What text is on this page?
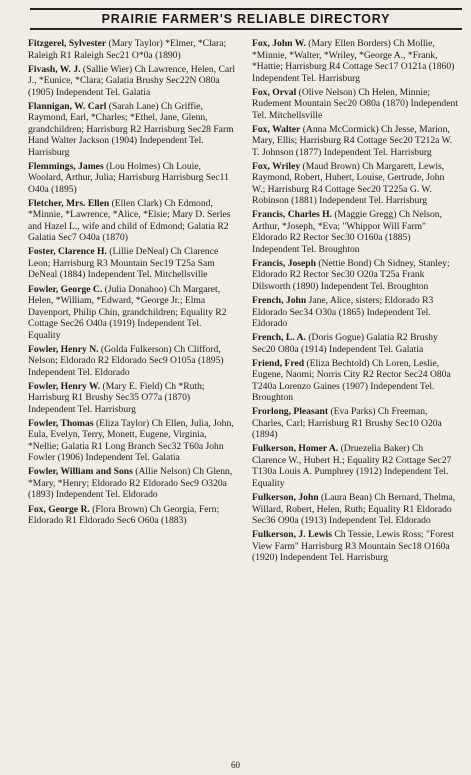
PRAIRIE FARMER'S RELIABLE DIRECTORY

Fitzgerel, Sylvester (Mary Taylor) *Elmer, *Clara; Raleigh R1 Raleigh Sec21 O*0a (1890)

Fivash, W. J. (Sallie Wier) Ch Lawrence, Helen, Carl J., *Eunice, *Clara; Galatia Brushy Sec22N O80a (1905) Independent Tel. Galatia

Flannigan, W. Carl (Sarah Lane) Ch Griffie, Raymond, Earl, *Charles; *Ethel, Jane, Glenn, grandchildren; Harrisburg R2 Harrisburg Sec28 Farm Hand Walter Jackson (1904) Independent Tel. Harrisburg

Flemmings, James (Lou Holmes) Ch Louie, Woolard, Arthur, Julia; Harrisburg Harrisburg Sec11 O40a (1895)

Fletcher, Mrs. Ellen (Ellen Clark) Ch Edmond, *Minnie, *Lawrence, *Alice, *Elsie; Mary D. Serles and Hazel L., wife and child of Edmond; Galatia R2 Galatia Sec7 O40a (1870)

Foster, Clarence H. (Lillie DeNeal) Ch Clarence Leon; Harrisburg R3 Mountain Sec19 T25a Sam DeNeal (1884) Independent Tel. Mitchellsville

Fowler, George C. (Julia Donahoo) Ch Margaret, Helen, *William, *Edward, *George Jr.; Elma Davenport, Philip Chin, grandchildren; Equality R2 Cottage Sec26 O40a (1919) Independent Tel. Equality

Fowler, Henry N. (Golda Fulkerson) Ch Clifford, Nelson; Eldorado R2 Eldorado Sec9 O105a (1895) Independent Tel. Eldorado

Fowler, Henry W. (Mary E. Field) Ch *Ruth; Harrisburg R1 Brushy Sec35 O77a (1870) Independent Tel. Harrisburg

Fowler, Thomas (Eliza Taylor) Ch Ellen, Julia, John, Eula, Evelyn, Terry, Monett, Eugene, Virginia, *Nellie; Galatia R1 Long Branch Sec32 T60a John Fowler (1906) Independent Tel. Galatia

Fowler, William and Sons (Allie Nelson) Ch Glenn, *Mary, *Henry; Eldorado R2 Eldorado Sec9 O320a (1893) Independent Tel. Eldorado

Fox, George R. (Flora Brown) Ch Georgia, Fern; Eldorado R1 Eldorado Sec6 O60a (1883)

Fox, John W. (Mary Ellen Borders) Ch Mollie, *Minnie, *Walter, *Wriley, *George A., *Frank, *Hattie; Harrisburg R4 Cottage Sec17 O121a (1860) Independent Tel. Harrisburg

Fox, Orval (Olive Nelson) Ch Helen, Minnie; Rudement Mountain Sec20 O80a (1870) Independent Tel. Mitchellsville

Fox, Walter (Anna McCormick) Ch Jesse, Marion, Mary, Ellis; Harrisburg R4 Cottage Sec20 T212a W. T. Johnson (1877) Independent Tel. Harrisburg

Fox, Wriley (Maud Brown) Ch Margarett, Lewis, Raymond, Robert, Hubert, Louise, Gertrude, John W.; Harrisburg R4 Cottage Sec20 T225a G. W. Robinson (1881) Independent Tel. Harrisburg

Francis, Charles H. (Maggie Gregg) Ch Nelson, Arthur, *Joseph, *Eva; "Whippor Will Farm" Eldorado R2 Rector Sec30 O160a (1885) Independent Tel. Broughton

Francis, Joseph (Nettie Bond) Ch Sidney, Stanley; Eldorado R2 Rector Sec30 O20a T25a Frank Dilsworth (1890) Independent Tel. Broughton

French, John Jane, Alice, sisters; Eldorado R3 Eldorado Sec34 O30a (1865) Independent Tel. Eldorado

French, L. A. (Doris Gogue) Galatia R2 Brushy Sec20 O80a (1914) Independent Tel. Galatia

Friend, Fred (Eliza Bechtold) Ch Loren, Leslie, Eugene, Naomi; Norris City R2 Rector Sec24 O80a T240a Lorenzo Gaines (1907) Independent Tel. Broughton

Frorlong, Pleasant (Eva Parks) Ch Freeman, Charles, Carl; Harrisburg R1 Brushy Sec10 O20a (1894)

Fulkerson, Homer A. (Druezelia Baker) Ch Clarence W., Hubert H.; Equality R2 Cottage Sec27 T130a Louis A. Pumphrey (1912) Independent Tel. Equality

Fulkerson, John (Laura Bean) Ch Bernard, Thelma, Willard, Robert, Helen, Ruth; Equality R1 Eldorado Sec36 O90a (1913) Independent Tel. Eldorado

Fulkerson, J. Lewis Ch Tessie, Lewis Ross; "Forest View Farm" Harrisburg R3 Mountain Sec18 O160a (1920) Independent Tel. Harrisburg

60
